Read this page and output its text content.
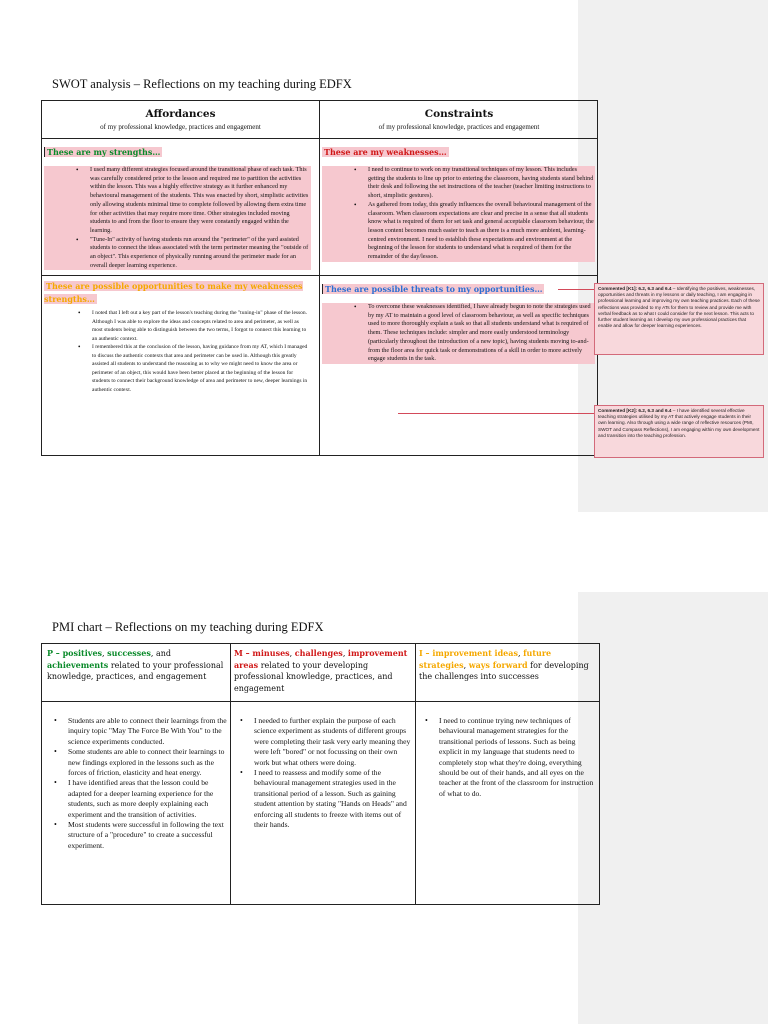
SWOT analysis – Reflections on my teaching during EDFX
Affordances
of my professional knowledge, practices and engagement
Constraints
of my professional knowledge, practices and engagement
These are my strengths…
• I used many different strategies focused around the transitional phase of each task. This was carefully considered prior to the lesson and required me to partition the activities within the lesson. This was a highly effective strategy as it further enhanced my behavioural management of the students. This was enacted by short, simplistic activities only allowing students minimal time to complete followed by allowing them extra time for other activities that may require more time. Other strategies included moving students to and from the floor to ensure they were constantly engaged within the learning.
• "Tune-In" activity of having students run around the "perimeter" of the yard assisted students to connect the ideas associated with the term perimeter meaning the "outside of an object". This experience of physically running around the perimeter made for an overall deeper learning experience.
These are my weaknesses…
• I need to continue to work on my transitional techniques of my lesson. This includes getting the students to line up prior to entering the classroom, having students stand behind their desk and following the set instructions of the teacher (teacher limiting instructions to short, simplistic gestures).
• As gathered from today, this greatly influences the overall behavioural management of the classroom. When classroom expectations are clear and precise in a sense that all students know what is required of them for set task and general acceptable classroom behaviour, the lesson content becomes much easier to teach as there is a much more ambient, learning-centred environment. I need to establish these expectations and environment at the beginning of the lesson for students to understand what is required of them for the remainder of the day/lesson.
These are possible opportunities to make my weaknesses strengths…
• I noted that I left out a key part of the lesson's teaching during the "tuning-in" phase of the lesson. Although I was able to explore the ideas and concepts related to area and perimeter, as well as most students being able to distinguish between the two terms, I forgot to connect this learning to an authentic context.
• I remembered this at the conclusion of the lesson, having guidance from my AT, which I managed to discuss the authentic contexts that area and perimeter can be used in. Although this greatly assisted all students to understand the reasoning as to why we might need to know the area or perimeter of an object, this would have been better placed at the beginning of the lesson for students to connect their background knowledge of area and perimeter to new, deeper learnings in authentic context.
These are possible threats to my opportunities…
• To overcome these weaknesses identified, I have already begun to note the strategies used by my AT to maintain a good level of classroom behaviour, as well as specific techniques used to more thoroughly explain a task so that all students understand what is required of them. These techniques include: simpler and more easily understood terminology (particularly throughout the introduction of a new topic), having students moving to-and-from the floor area for quick task or demonstrations of a skill in order to more actively engage students in the task.
Commented [K1]: 6.2, 6.3 and 6.4 – Identifying the positives, weaknesses, opportunities and threats in my lessons or daily teaching, I am engaging in professional learning and improving my own teaching practices. Each of these reflections was provided to my ATs for them to review and provide me with verbal feedback as to what I could consider for the next lesson. This acts to further student learning as I develop my own professional practices that enable and allow for deeper learning experiences.
Commented [K2]: 6.2, 6.3 and 6.4 – I have identified several effective teaching strategies utilised by my AT that actively engage students in their own learning. Also through using a wide range of reflective resources (PMI, SWOT and Compass Reflections), I am engaging within my own development and transition into the teaching profession.
PMI chart – Reflections on my teaching during EDFX
P – positives, successes, and achievements related to your professional knowledge, practices, and engagement
M – minuses, challenges, improvement areas related to your developing professional knowledge, practices, and engagement
I – improvement ideas, future strategies, ways forward for developing the challenges into successes
• Students are able to connect their learnings from the inquiry topic "May The Force Be With You" to the science experiments conducted.
• Some students are able to connect their learnings to new findings explored in the lessons such as the forces of friction, elasticity and heat energy.
• I have identified areas that the lesson could be adapted for a deeper learning experience for the students, such as more deeply explaining each experiment and the transition of activities.
• Most students were successful in following the text structure of a "procedure" to create a successful experiment.
• I needed to further explain the purpose of each science experiment as students of different groups were completing their task very early meaning they were left "bored" or not focussing on their own work but what others were doing.
• I need to reassess and modify some of the behavioural management strategies used in the transitional period of a lesson. Such as gaining student attention by stating "Hands on Heads" and enforcing all students to freeze with items out of their hands.
• I need to continue trying new techniques of behavioural management strategies for the transitional periods of lessons. Such as being explicit in my language that students need to completely stop what they're doing, everything should be out of their hands, and all eyes on the teacher at the front of the classroom for instruction of what to do.
